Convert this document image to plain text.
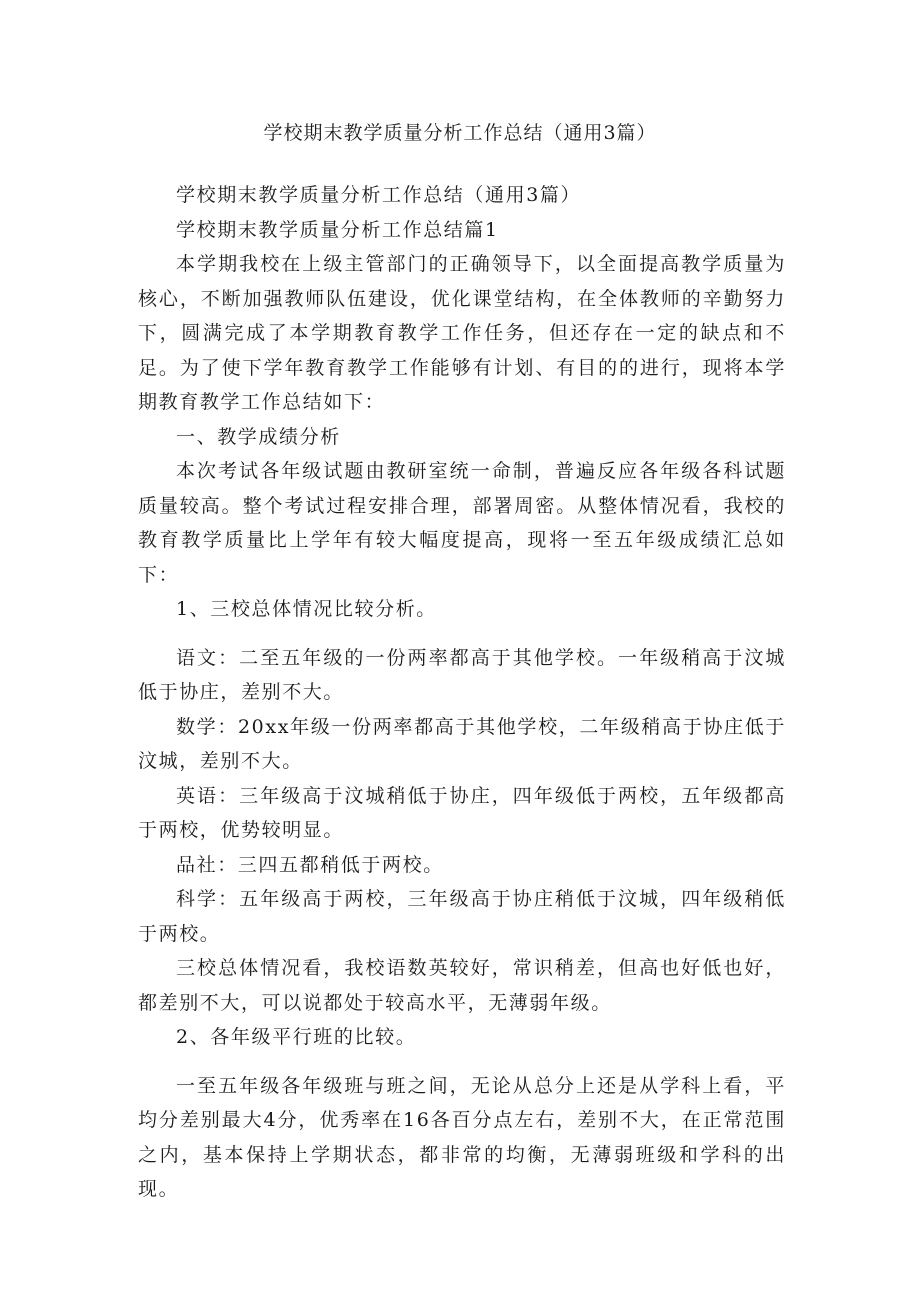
学校期末教学质量分析工作总结（通用3篇）

学校期末教学质量分析工作总结（通用3篇）

学校期末教学质量分析工作总结篇1

本学期我校在上级主管部门的正确领导下，以全面提高教学质量为核心，不断加强教师队伍建设，优化课堂结构，在全体教师的辛勤努力下，圆满完成了本学期教育教学工作任务，但还存在一定的缺点和不足。为了使下学年教育教学工作能够有计划、有目的的进行，现将本学期教育教学工作总结如下：

一、教学成绩分析

本次考试各年级试题由教研室统一命制，普遍反应各年级各科试题质量较高。整个考试过程安排合理，部署周密。从整体情况看，我校的教育教学质量比上学年有较大幅度提高，现将一至五年级成绩汇总如下：

1、三校总体情况比较分析。

语文：二至五年级的一份两率都高于其他学校。一年级稍高于汶城低于协庄，差别不大。

数学：20xx年级一份两率都高于其他学校，二年级稍高于协庄低于汶城，差别不大。

英语：三年级高于汶城稍低于协庄，四年级低于两校，五年级都高于两校，优势较明显。

品社：三四五都稍低于两校。

科学：五年级高于两校，三年级高于协庄稍低于汶城，四年级稍低于两校。

三校总体情况看，我校语数英较好，常识稍差，但高也好低也好，都差别不大，可以说都处于较高水平，无薄弱年级。

2、各年级平行班的比较。

一至五年级各年级班与班之间，无论从总分上还是从学科上看，平均分差别最大4分，优秀率在16各百分点左右，差别不大，在正常范围之内，基本保持上学期状态，都非常的均衡，无薄弱班级和学科的出现。
